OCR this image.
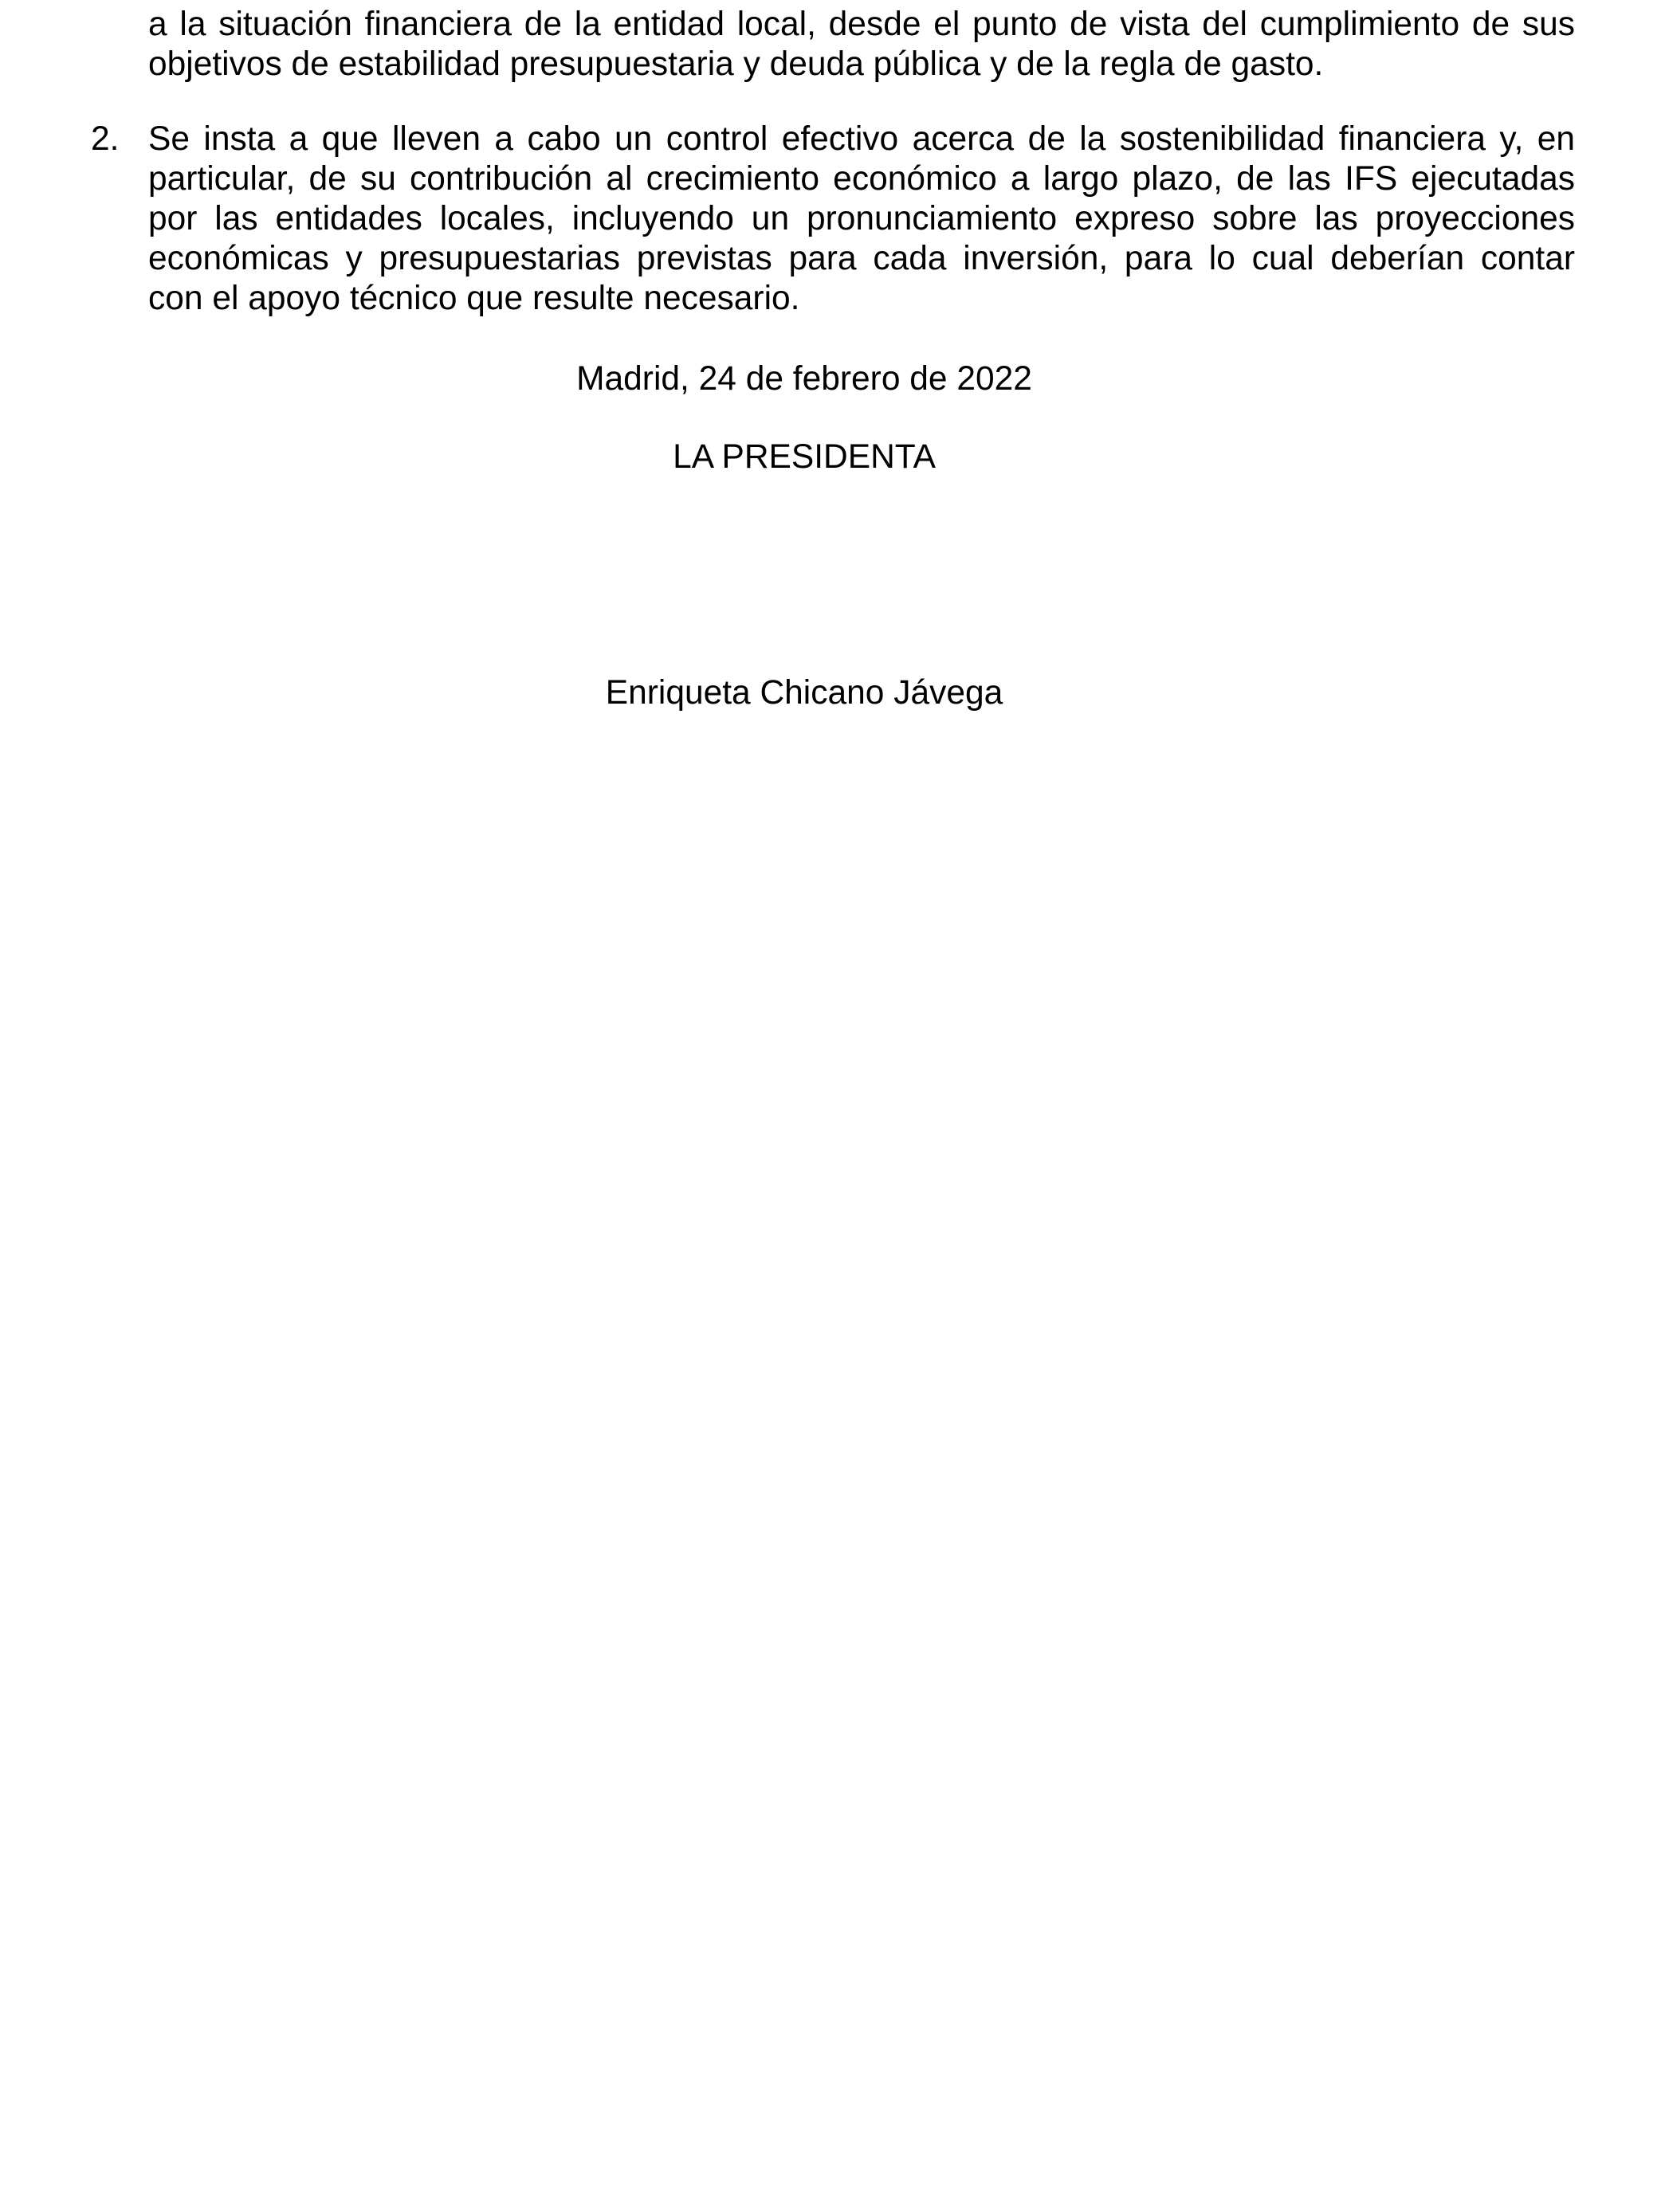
a la situación financiera de la entidad local, desde el punto de vista del cumplimiento de sus
objetivos de estabilidad presupuestaria y deuda pública y de la regla de gasto.
2. Se insta a que lleven a cabo un control efectivo acerca de la sostenibilidad financiera y, en
particular, de su contribución al crecimiento económico a largo plazo, de las IFS ejecutadas
por las entidades locales, incluyendo un pronunciamiento expreso sobre las proyecciones
económicas y presupuestarias previstas para cada inversión, para lo cual deberían contar
con el apoyo técnico que resulte necesario.
Madrid, 24 de febrero de 2022
LA PRESIDENTA
Enriqueta Chicano Jávega
